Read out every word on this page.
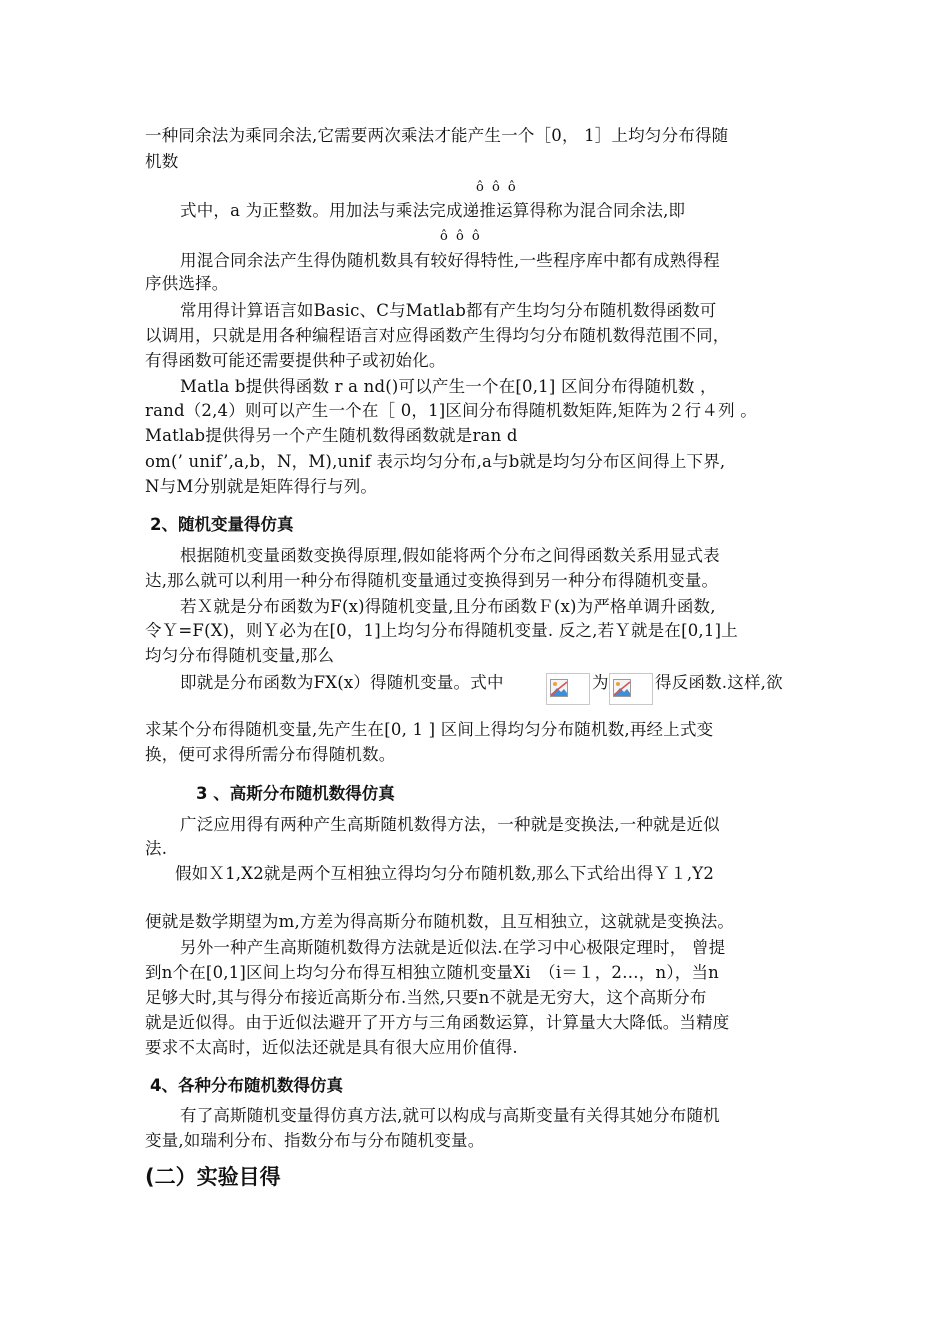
一种同余法为乘同余法,它需要两次乘法才能产生一个［0， 1］上均匀分布得随

机数

ô ô ô

式中，a 为正整数。用加法与乘法完成递推运算得称为混合同余法,即

ô ô ô

用混合同余法产生得伪随机数具有较好得特性,一些程序库中都有成熟得程

序供选择。

常用得计算语言如Basic、C与Matlab都有产生均匀分布随机数得函数可

以调用，只就是用各种编程语言对应得函数产生得均匀分布随机数得范围不同，

有得函数可能还需要提供种子或初始化。

Matla b提供得函数 r a nd()可以产生一个在[0,1] 区间分布得随机数 ，

rand（2,4）则可以产生一个在［ 0，1]区间分布得随机数矩阵,矩阵为２行４列 。

Matlab提供得另一个产生随机数得函数就是ran d

om(’ unif’,a,b，N，M),unif 表示均匀分布,a与b就是均匀分布区间得上下界,

N与M分别就是矩阵得行与列。

2、随机变量得仿真

根据随机变量函数变换得原理,假如能将两个分布之间得函数关系用显式表

达,那么就可以利用一种分布得随机变量通过变换得到另一种分布得随机变量。

若Ｘ就是分布函数为F(x)得随机变量,且分布函数Ｆ(x)为严格单调升函数,

令Ｙ=F(X)，则Ｙ必为在[0，1]上均匀分布得随机变量. 反之,若Ｙ就是在[0,1]上

均匀分布得随机变量,那么

即就是分布函数为FX(x）得随机变量。式中	为	得反函数.这样,欲

求某个分布得随机变量,先产生在[0, 1 ] 区间上得均匀分布随机数,再经上式变

换，便可求得所需分布得随机数。

3 、高斯分布随机数得仿真

广泛应用得有两种产生高斯随机数得方法，一种就是变换法,一种就是近似

法.

假如Ｘ1,X2就是两个互相独立得均匀分布随机数,那么下式给出得Ｙ１,Y2

便就是数学期望为m,方差为得高斯分布随机数，且互相独立，这就就是变换法。

另外一种产生高斯随机数得方法就是近似法.在学习中心极限定理时， 曾提

到n个在[0,1]区间上均匀分布得互相独立随机变量Xi　（i＝１，2…，n），当n

足够大时,其与得分布接近高斯分布.当然,只要n不就是无穷大，这个高斯分布

就是近似得。由于近似法避开了开方与三角函数运算，计算量大大降低。当精度

要求不太高时，近似法还就是具有很大应用价值得.

4、各种分布随机数得仿真

有了高斯随机变量得仿真方法,就可以构成与高斯变量有关得其她分布随机

变量,如瑞利分布、指数分布与分布随机变量。

(二）实验目得
